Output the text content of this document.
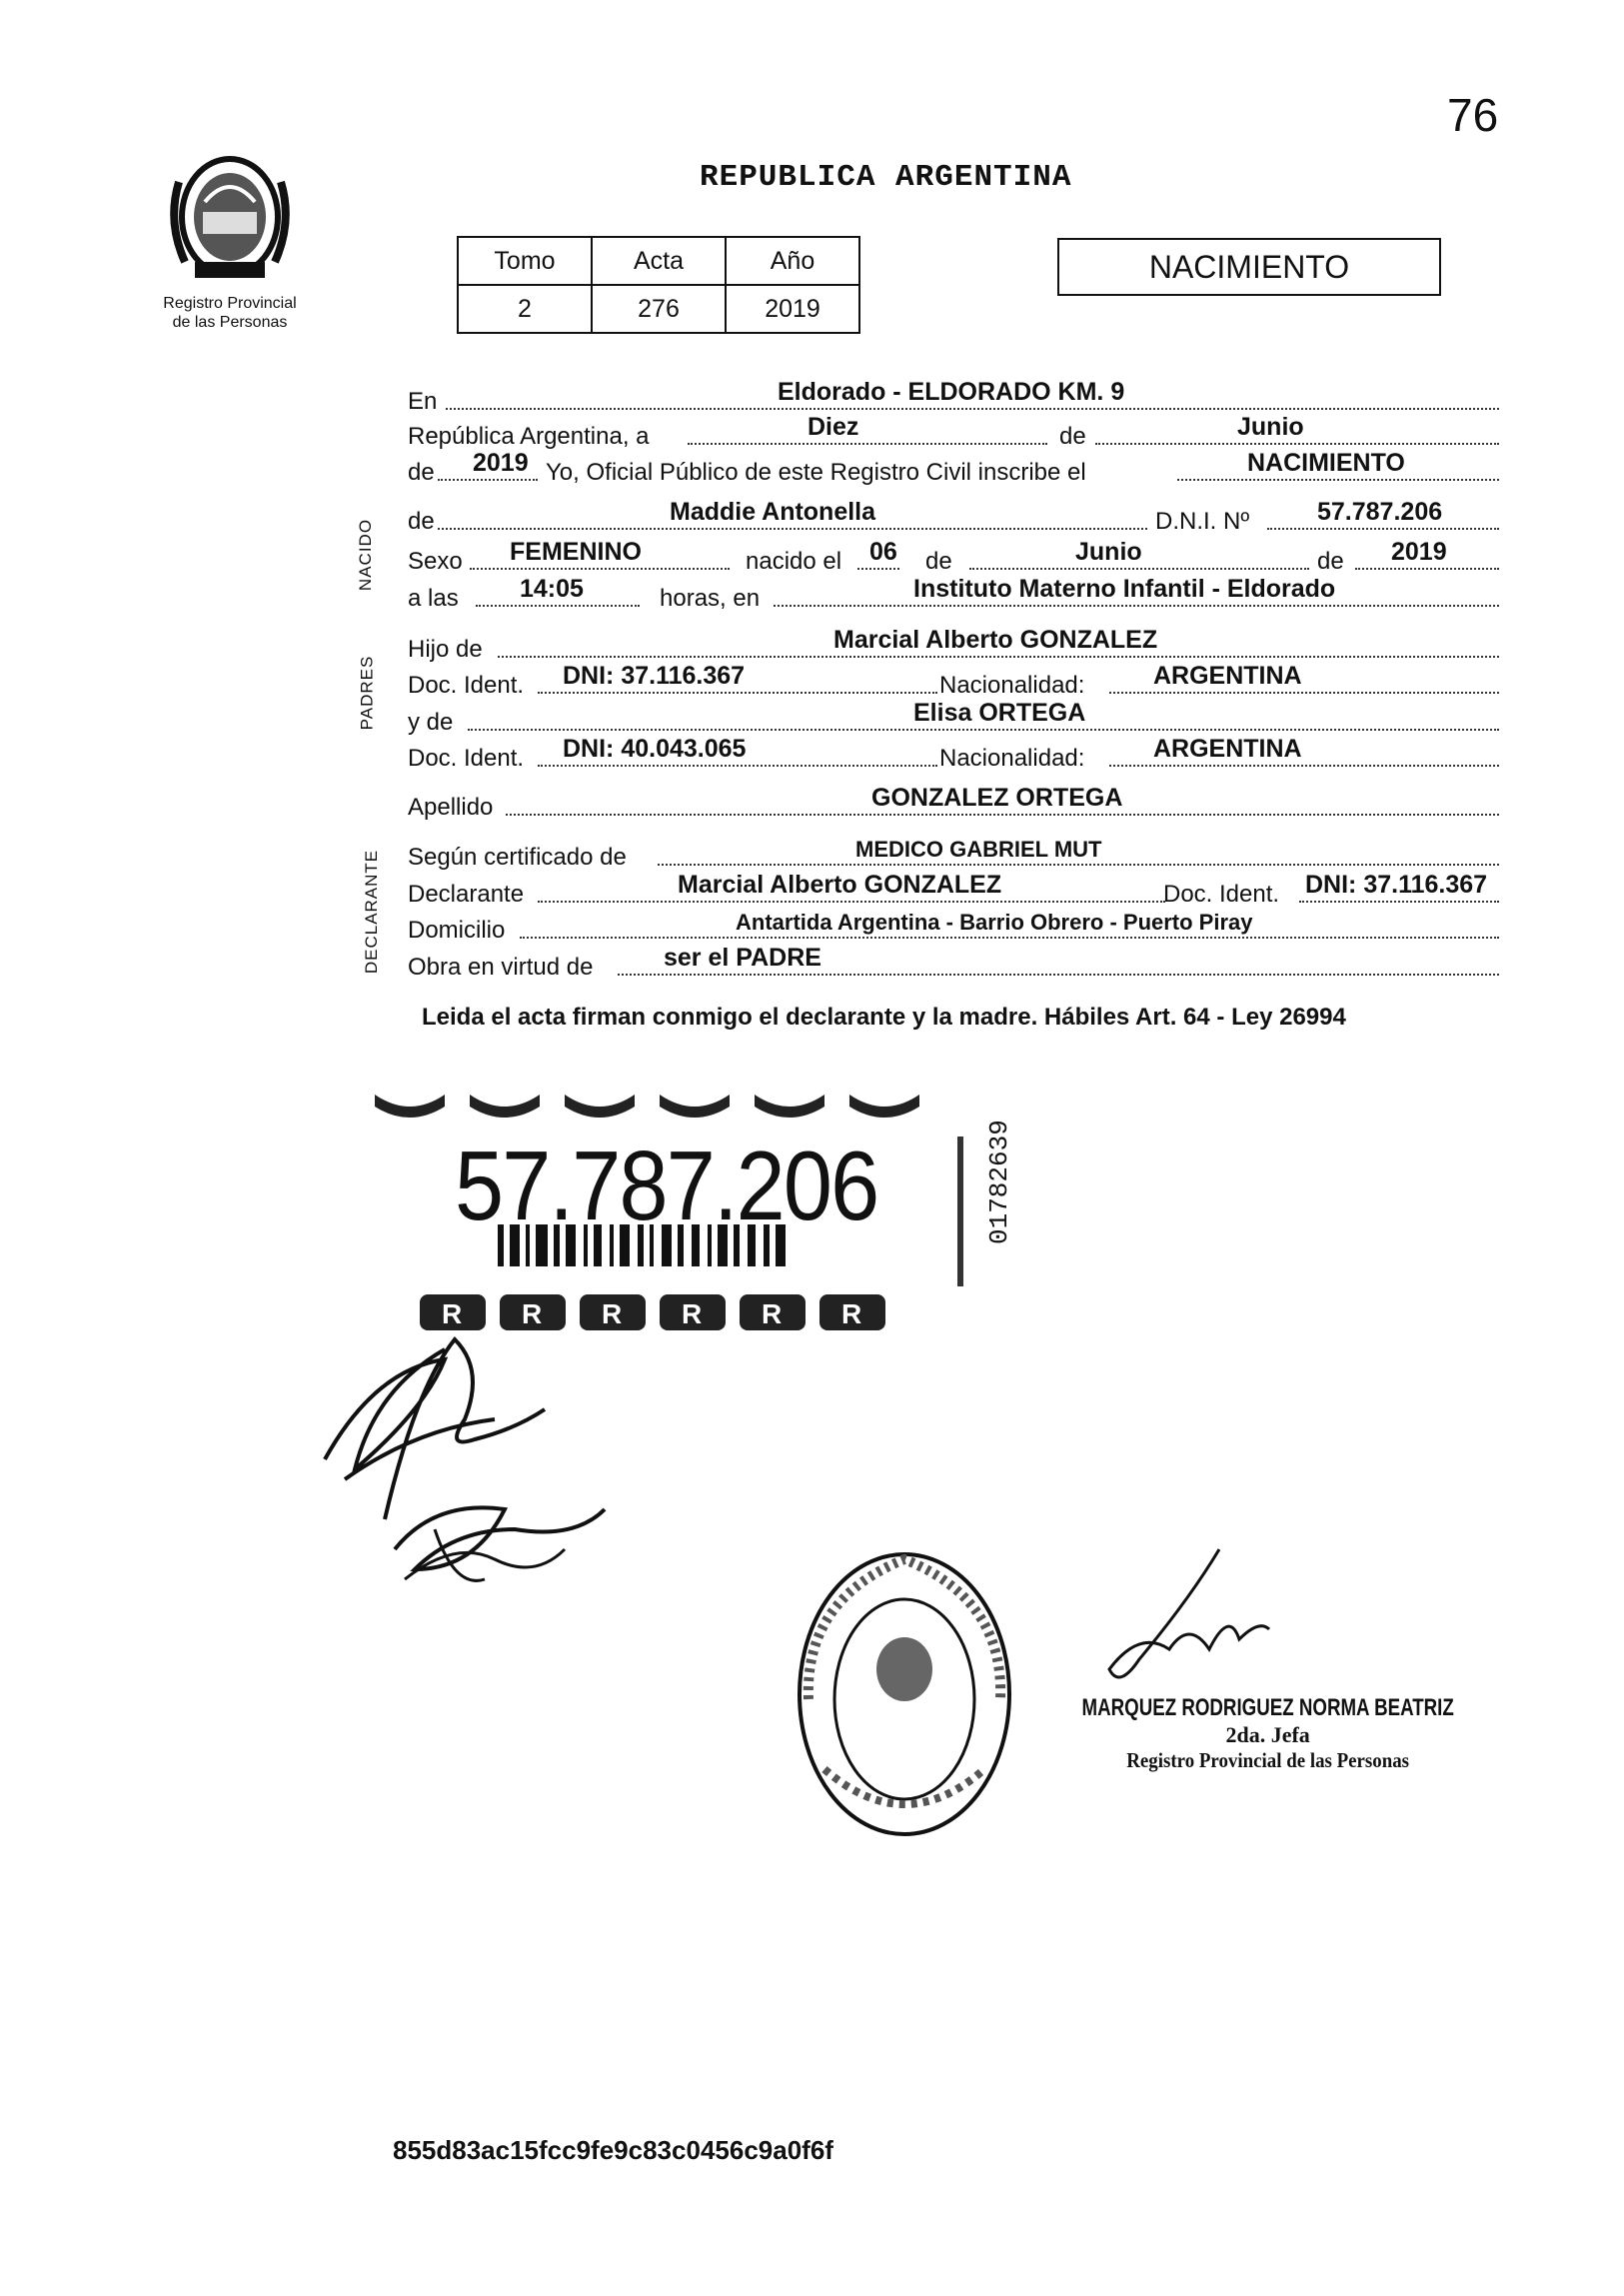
76
Registro Provincial
de las Personas
REPUBLICA ARGENTINA
Tomo	Acta	Año
2	276	2019
NACIMIENTO
NACIDO
PADRES
DECLARANTE
En	Eldorado - ELDORADO KM. 9
República Argentina, a	Diez	de	Junio
de 2019 Yo, Oficial Público de este Registro Civil inscribe el	NACIMIENTO
de	Maddie Antonella	D.N.I. Nº	57.787.206
Sexo FEMENINO	nacido el 06 de	Junio	de 2019
a las 14:05	horas, en	Instituto Materno Infantil - Eldorado
Hijo de	Marcial Alberto GONZALEZ
Doc. Ident. DNI: 37.116.367	Nacionalidad:	ARGENTINA
y de	Elisa ORTEGA
Doc. Ident. DNI: 40.043.065	Nacionalidad:	ARGENTINA
Apellido	GONZALEZ ORTEGA
Según certificado de	MEDICO GABRIEL MUT
Declarante	Marcial Alberto GONZALEZ	Doc. Ident. DNI: 37.116.367
Domicilio	Antartida Argentina - Barrio Obrero - Puerto Piray
Obra en virtud de	ser el PADRE
Leida el acta firman conmigo el declarante y la madre. Hábiles Art. 64 - Ley 26994
R R R R R R
57.787.206	01782639
MARQUEZ RODRIGUEZ NORMA BEATRIZ
2da. Jefa
Registro Provincial de las Personas
855d83ac15fcc9fe9c83c0456c9a0f6f
